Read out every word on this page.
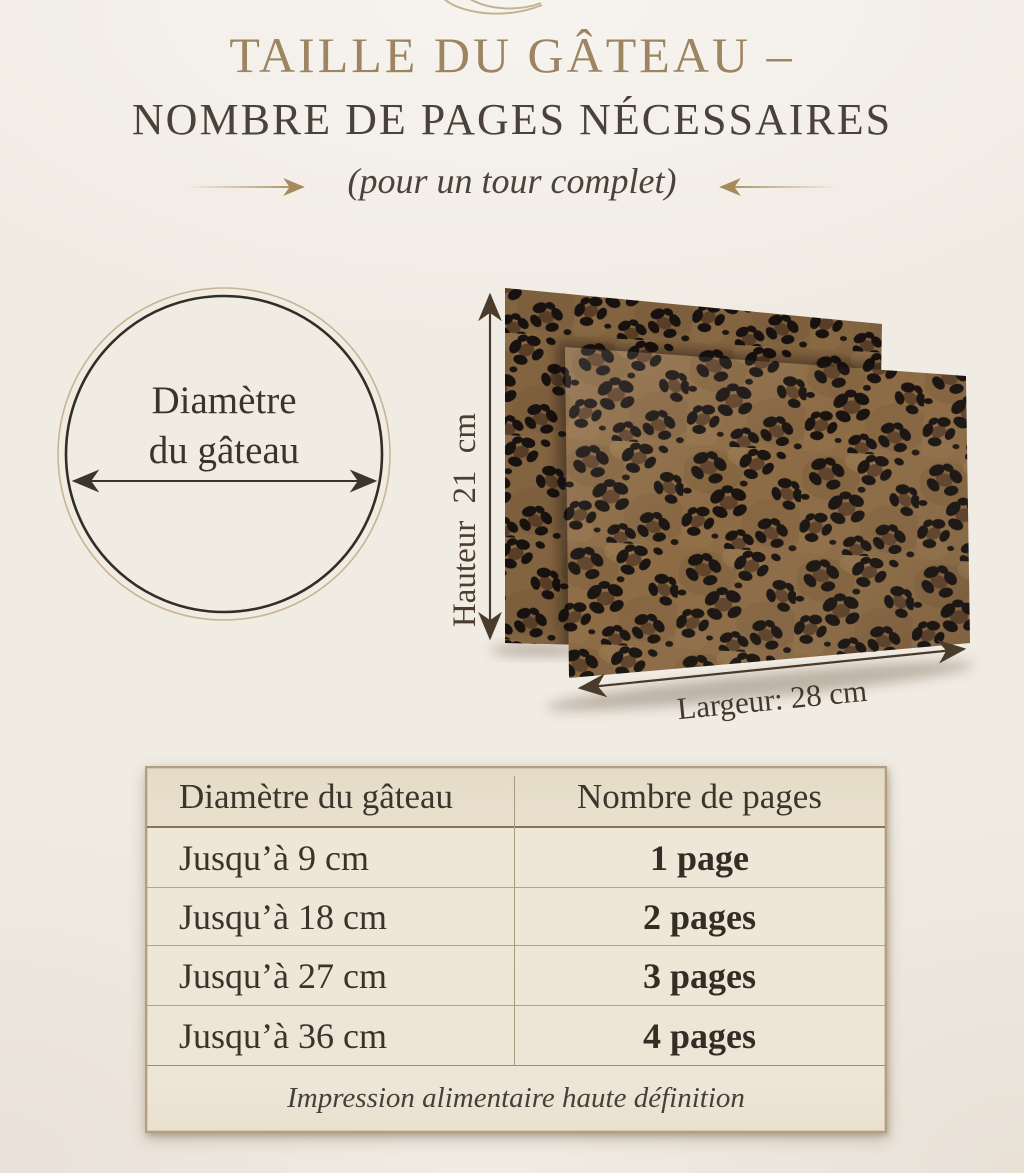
TAILLE DU GÂTEAU –
NOMBRE DE PAGES NÉCESSAIRES
(pour un tour complet)
Diamètre
du gâteau	Hauteur 21 cm
Largeur: 28 cm
Diamètre du gâteau	Nombre de pages
Jusqu’à 9 cm	1 page
Jusqu’à 18 cm	2 pages
Jusqu’à 27 cm	3 pages
Jusqu’à 36 cm	4 pages
Impression alimentaire haute définition
